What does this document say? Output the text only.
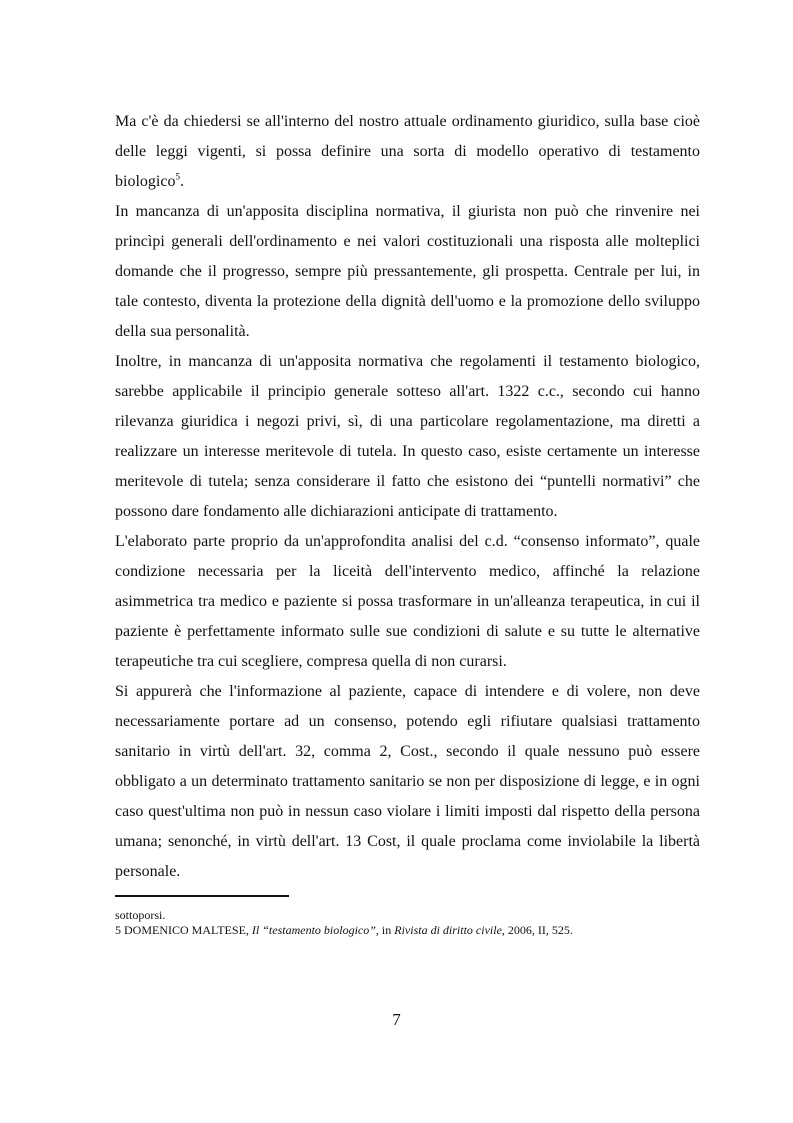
Ma c'è da chiedersi se all'interno del nostro attuale ordinamento giuridico, sulla base cioè delle leggi vigenti, si possa definire una sorta di modello operativo di testamento biologico$^5$.

In mancanza di un'apposita disciplina normativa, il giurista non può che rinvenire nei princìpi generali dell'ordinamento e nei valori costituzionali una risposta alle molteplici domande che il progresso, sempre più pressantemente, gli prospetta. Centrale per lui, in tale contesto, diventa la protezione della dignità dell'uomo e la promozione dello sviluppo della sua personalità.

Inoltre, in mancanza di un'apposita normativa che regolamenti il testamento biologico, sarebbe applicabile il principio generale sotteso all'art. 1322 c.c., secondo cui hanno rilevanza giuridica i negozi privi, sì, di una particolare regolamentazione, ma diretti a realizzare un interesse meritevole di tutela. In questo caso, esiste certamente un interesse meritevole di tutela; senza considerare il fatto che esistono dei “puntelli normativi” che possono dare fondamento alle dichiarazioni anticipate di trattamento.

L'elaborato parte proprio da un'approfondita analisi del c.d. “consenso informato”, quale condizione necessaria per la liceità dell'intervento medico, affinché la relazione asimmetrica tra medico e paziente si possa trasformare in un'alleanza terapeutica, in cui il paziente è perfettamente informato sulle sue condizioni di salute e su tutte le alternative terapeutiche tra cui scegliere, compresa quella di non curarsi.

Si appurerà che l'informazione al paziente, capace di intendere e di volere, non deve necessariamente portare ad un consenso, potendo egli rifiutare qualsiasi trattamento sanitario in virtù dell'art. 32, comma 2, Cost., secondo il quale nessuno può essere obbligato a un determinato trattamento sanitario se non per disposizione di legge, e in ogni caso quest'ultima non può in nessun caso violare i limiti imposti dal rispetto della persona umana; senonché, in virtù dell'art. 13 Cost, il quale proclama come inviolabile la libertà personale.

sottoporsi.

5 DOMENICO MALTESE, Il “testamento biologico”, in Rivista di diritto civile, 2006, II, 525.

7
